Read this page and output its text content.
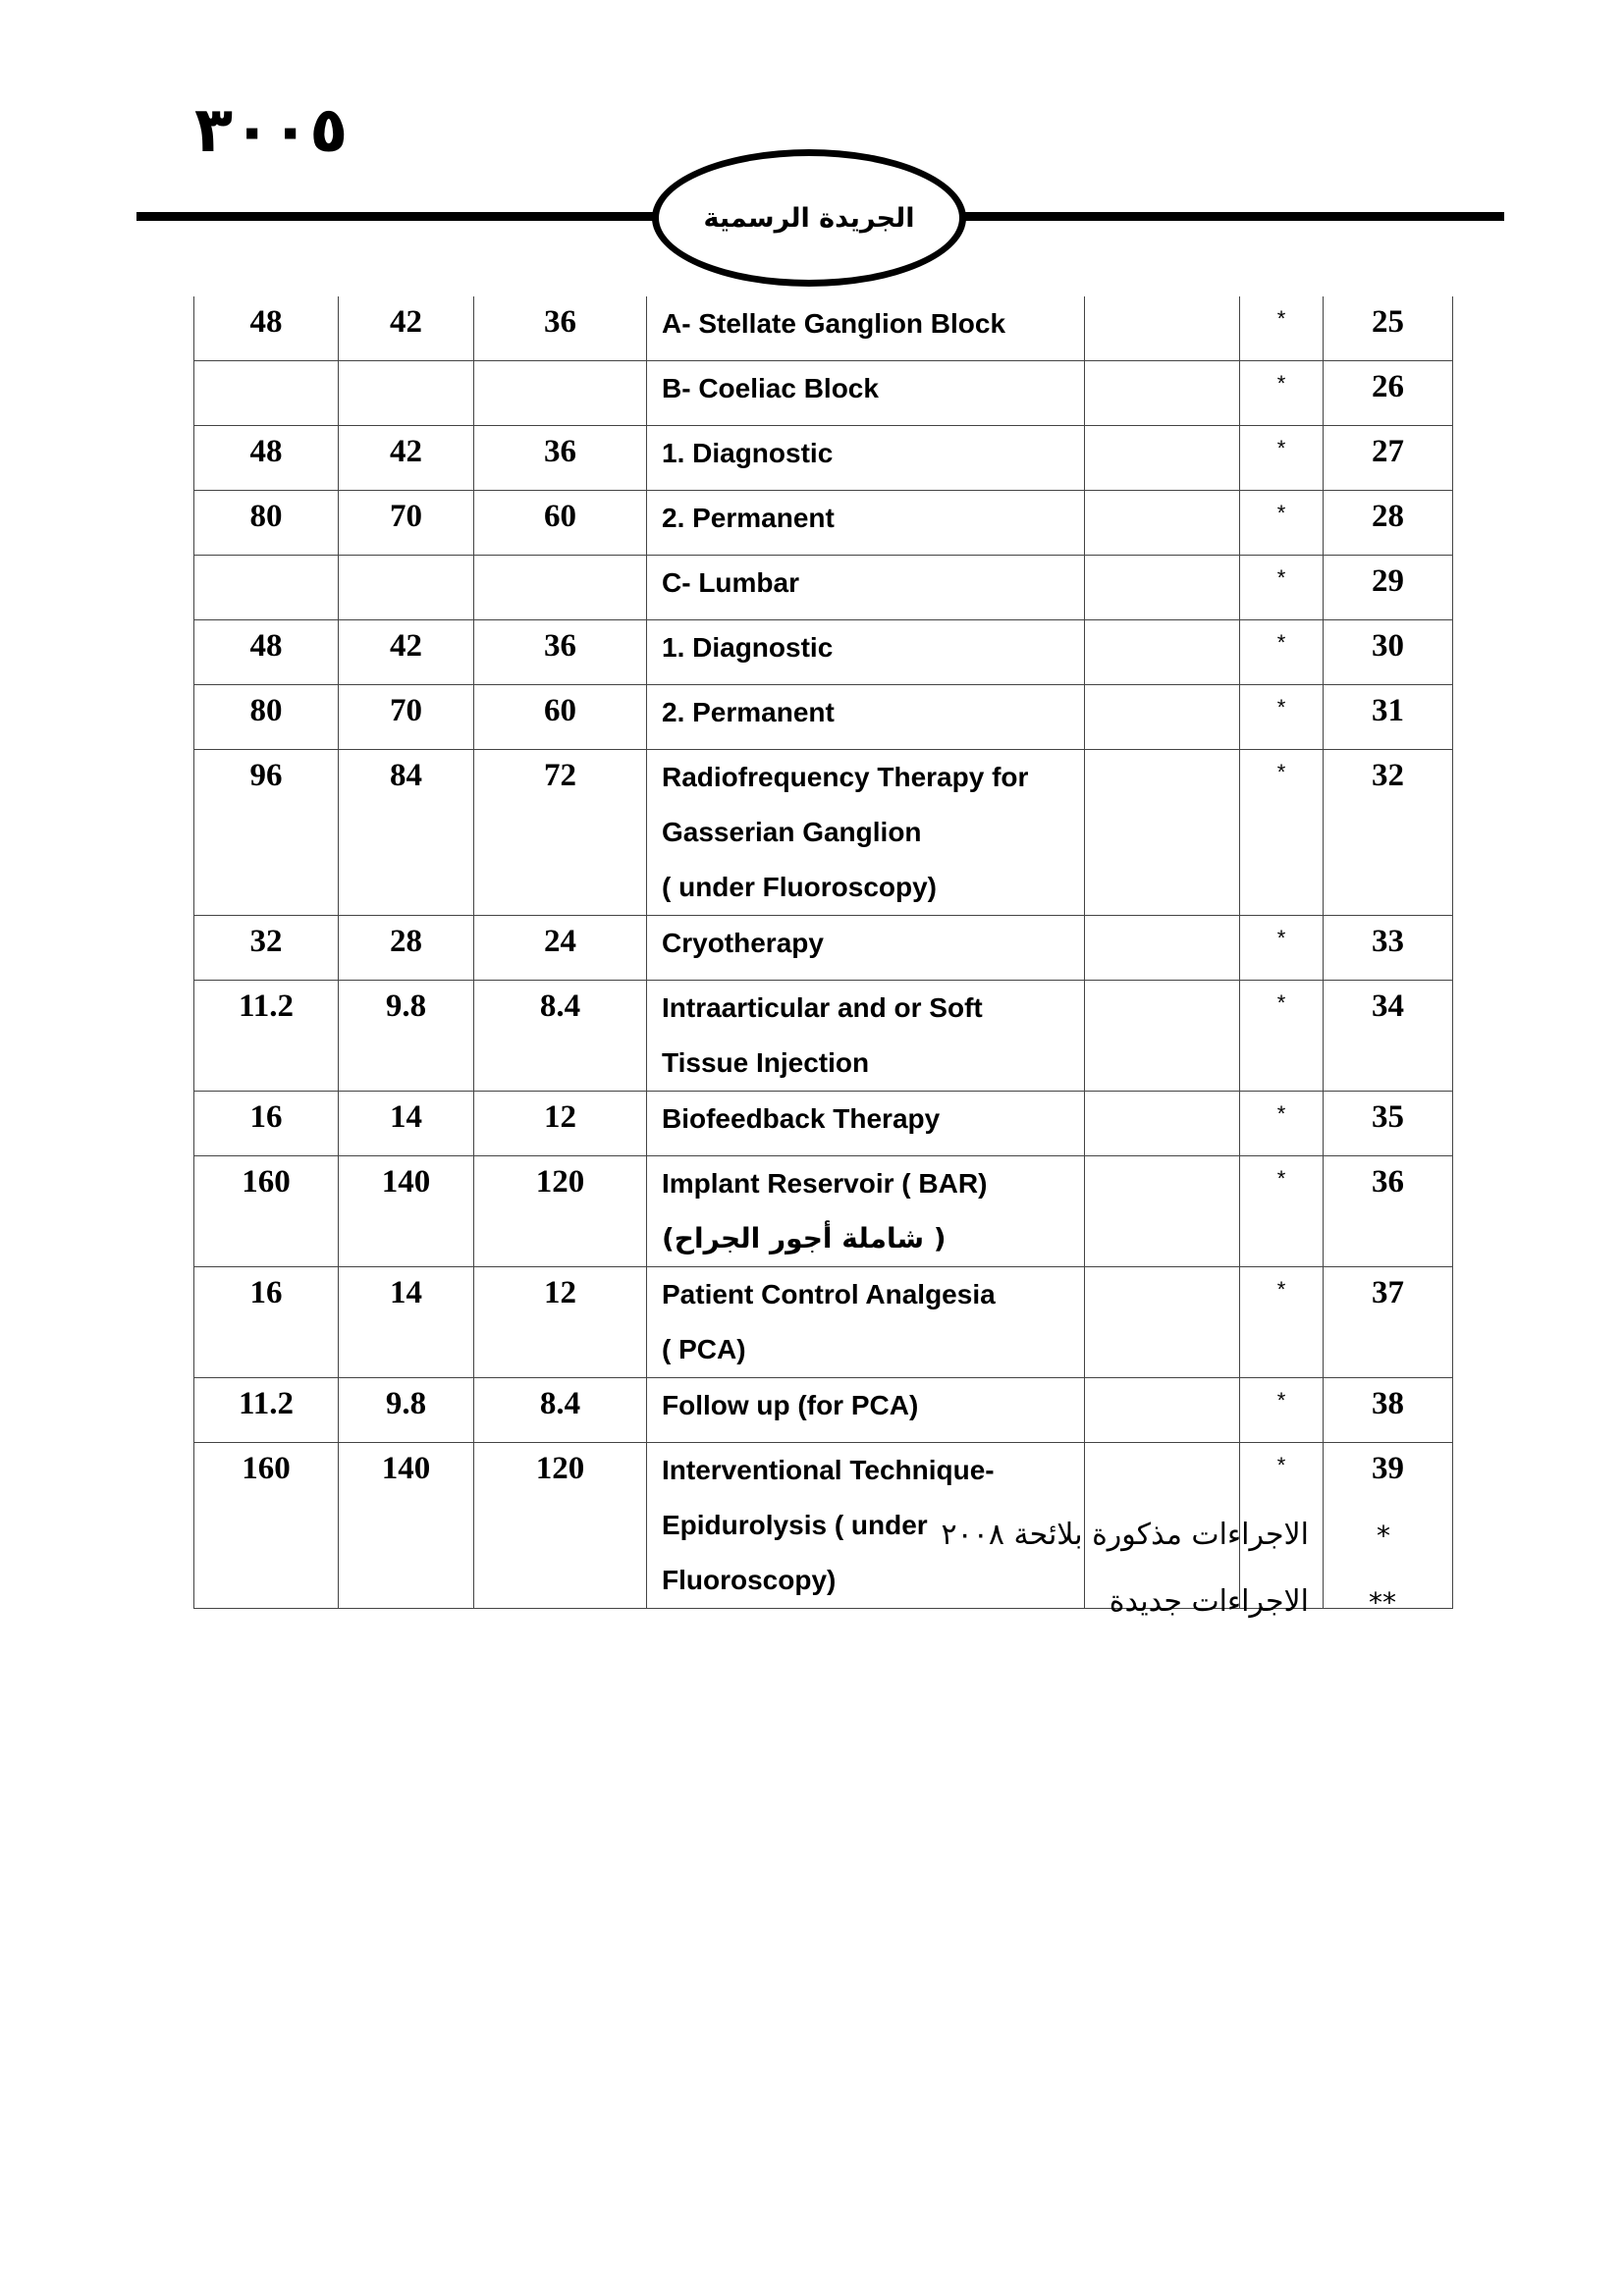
٣٠٠٥
الجريدة الرسمية
48	42	36	A- Stellate Ganglion Block		*	25

			B- Coeliac Block		*	26
48	42	36	1. Diagnostic		*	27
80	70	60	2. Permanent		*	28

			C- Lumbar		*	29
48	42	36	1. Diagnostic		*	30
80	70	60	2. Permanent		*	31
96	84	72	Radiofrequency Therapy for
Gasserian Ganglion
( under Fluoroscopy)		*	32
32	28	24	Cryotherapy		*	33
11.2	9.8	8.4	Intraarticular and or Soft
Tissue Injection		*	34
16	14	12	Biofeedback Therapy		*	35
160	140	120	Implant Reservoir ( BAR)
( شاملة أجور الجراح)		*	36
16	14	12	Patient Control Analgesia
( PCA)		*	37
11.2	9.8	8.4	Follow up (for PCA)		*	38
160	140	120	Interventional Technique-
Epidurolysis ( under
Fluoroscopy)		*	39
*
الاجراءات مذكورة بلائحة ٢٠٠٨
**
الاجراءات جديدة
